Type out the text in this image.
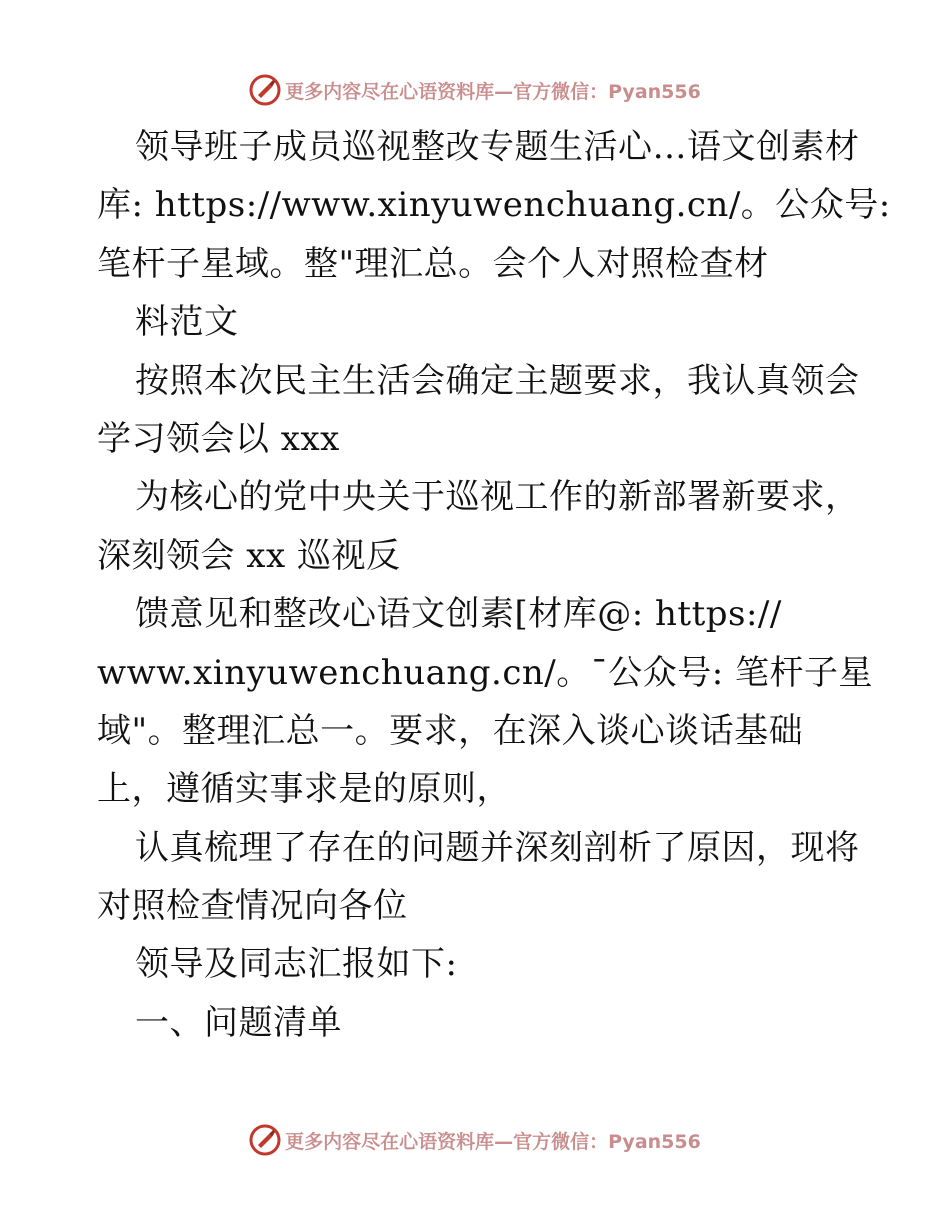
更多内容尽在心语资料库—官方微信：Pyan556
领导班子成员巡视整改专题生活心…语文创素材
库: https://www.xinyuwenchuang.cn/。公众号:
笔杆子星域。整"理汇总。会个人对照检查材
料范文
按照本次民主生活会确定主题要求，我认真领会
学习领会以 xxx
为核心的党中央关于巡视工作的新部署新要求，
深刻领会 xx 巡视反
馈意见和整改心语文创素[材库@: https://
www.xinyuwenchuang.cn/。¯公众号: 笔杆子星
域"。整理汇总一。要求，在深入谈心谈话基础
上，遵循实事求是的原则，
认真梳理了存在的问题并深刻剖析了原因，现将
对照检查情况向各位
领导及同志汇报如下:
一、问题清单
更多内容尽在心语资料库—官方微信：Pyan556
